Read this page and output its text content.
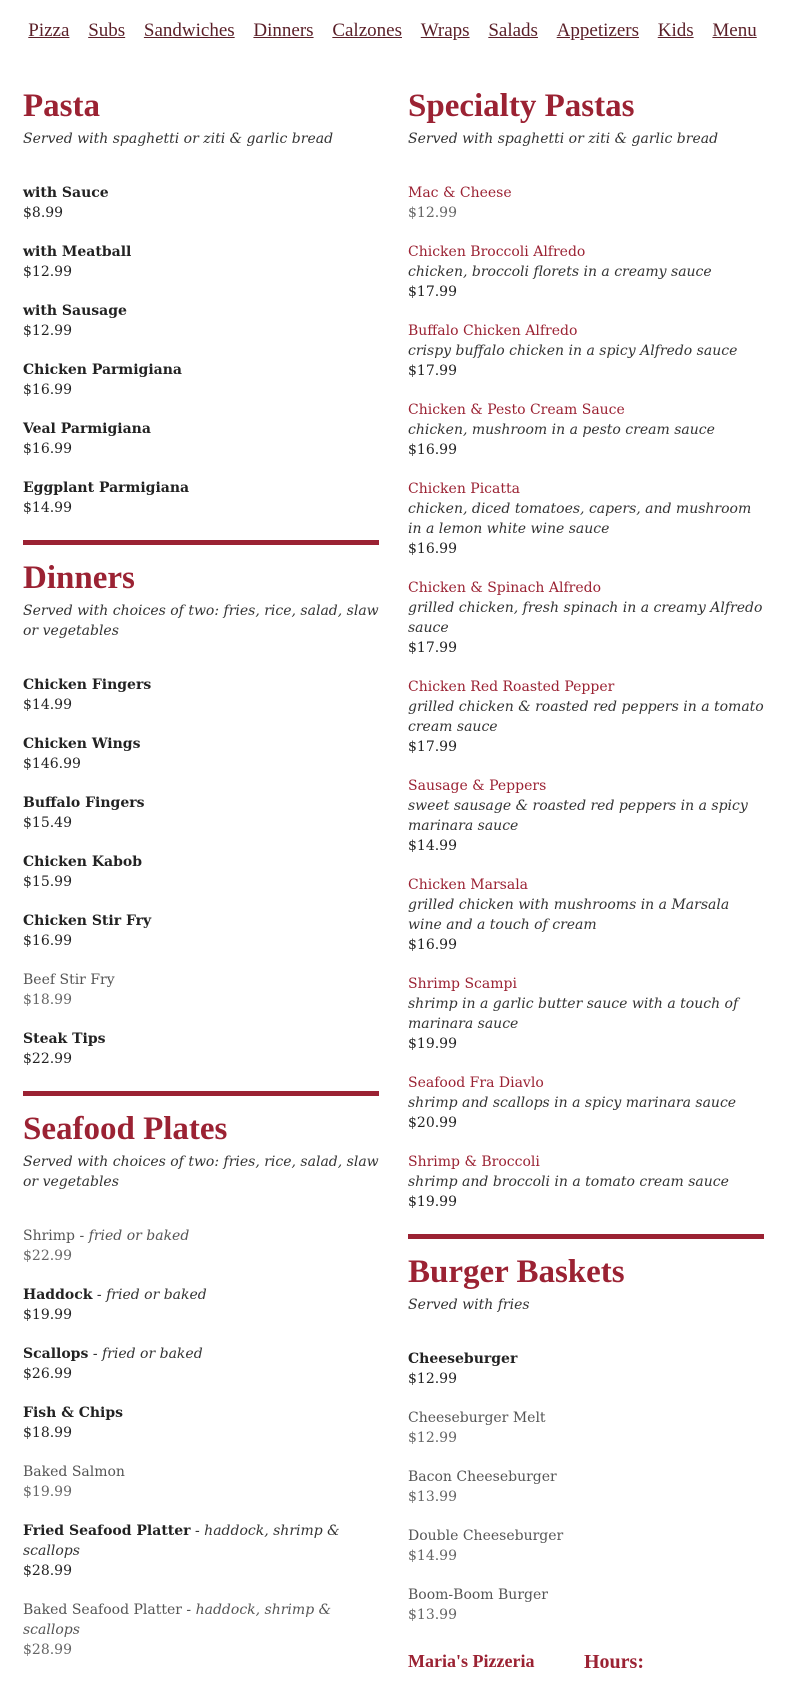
Pizza Subs Sandwiches Dinners Calzones Wraps Salads Appetizers Kids Menu
Pasta
Served with spaghetti or ziti & garlic bread
with Sauce
$8.99
with Meatball
$12.99
with Sausage
$12.99
Chicken Parmigiana
$16.99
Veal Parmigiana
$16.99
Eggplant Parmigiana
$14.99
Dinners
Served with choices of two: fries, rice, salad, slaw or vegetables
Chicken Fingers
$14.99
Chicken Wings
$146.99
Buffalo Fingers
$15.49
Chicken Kabob
$15.99
Chicken Stir Fry
$16.99
Beef Stir Fry
$18.99
Steak Tips
$22.99
Seafood Plates
Served with choices of two: fries, rice, salad, slaw or vegetables
Shrimp - fried or baked
$22.99
Haddock - fried or baked
$19.99
Scallops - fried or baked
$26.99
Fish & Chips
$18.99
Baked Salmon
$19.99
Fried Seafood Platter - haddock, shrimp & scallops
$28.99
Baked Seafood Platter - haddock, shrimp & scallops
$28.99
Specialty Pastas
Served with spaghetti or ziti & garlic bread
Mac & Cheese
$12.99
Chicken Broccoli Alfredo
chicken, broccoli florets in a creamy sauce
$17.99
Buffalo Chicken Alfredo
crispy buffalo chicken in a spicy Alfredo sauce
$17.99
Chicken & Pesto Cream Sauce
chicken, mushroom in a pesto cream sauce
$16.99
Chicken Picatta
chicken, diced tomatoes, capers, and mushroom in a lemon white wine sauce
$16.99
Chicken & Spinach Alfredo
grilled chicken, fresh spinach in a creamy Alfredo sauce
$17.99
Chicken Red Roasted Pepper
grilled chicken & roasted red peppers in a tomato cream sauce
$17.99
Sausage & Peppers
sweet sausage & roasted red peppers in a spicy marinara sauce
$14.99
Chicken Marsala
grilled chicken with mushrooms in a Marsala wine and a touch of cream
$16.99
Shrimp Scampi
shrimp in a garlic butter sauce with a touch of marinara sauce
$19.99
Seafood Fra Diavlo
shrimp and scallops in a spicy marinara sauce
$20.99
Shrimp & Broccoli
shrimp and broccoli in a tomato cream sauce
$19.99
Burger Baskets
Served with fries
Cheeseburger
$12.99
Cheeseburger Melt
$12.99
Bacon Cheeseburger
$13.99
Double Cheeseburger
$14.99
Boom-Boom Burger
$13.99
Maria's Pizzeria Hours:
